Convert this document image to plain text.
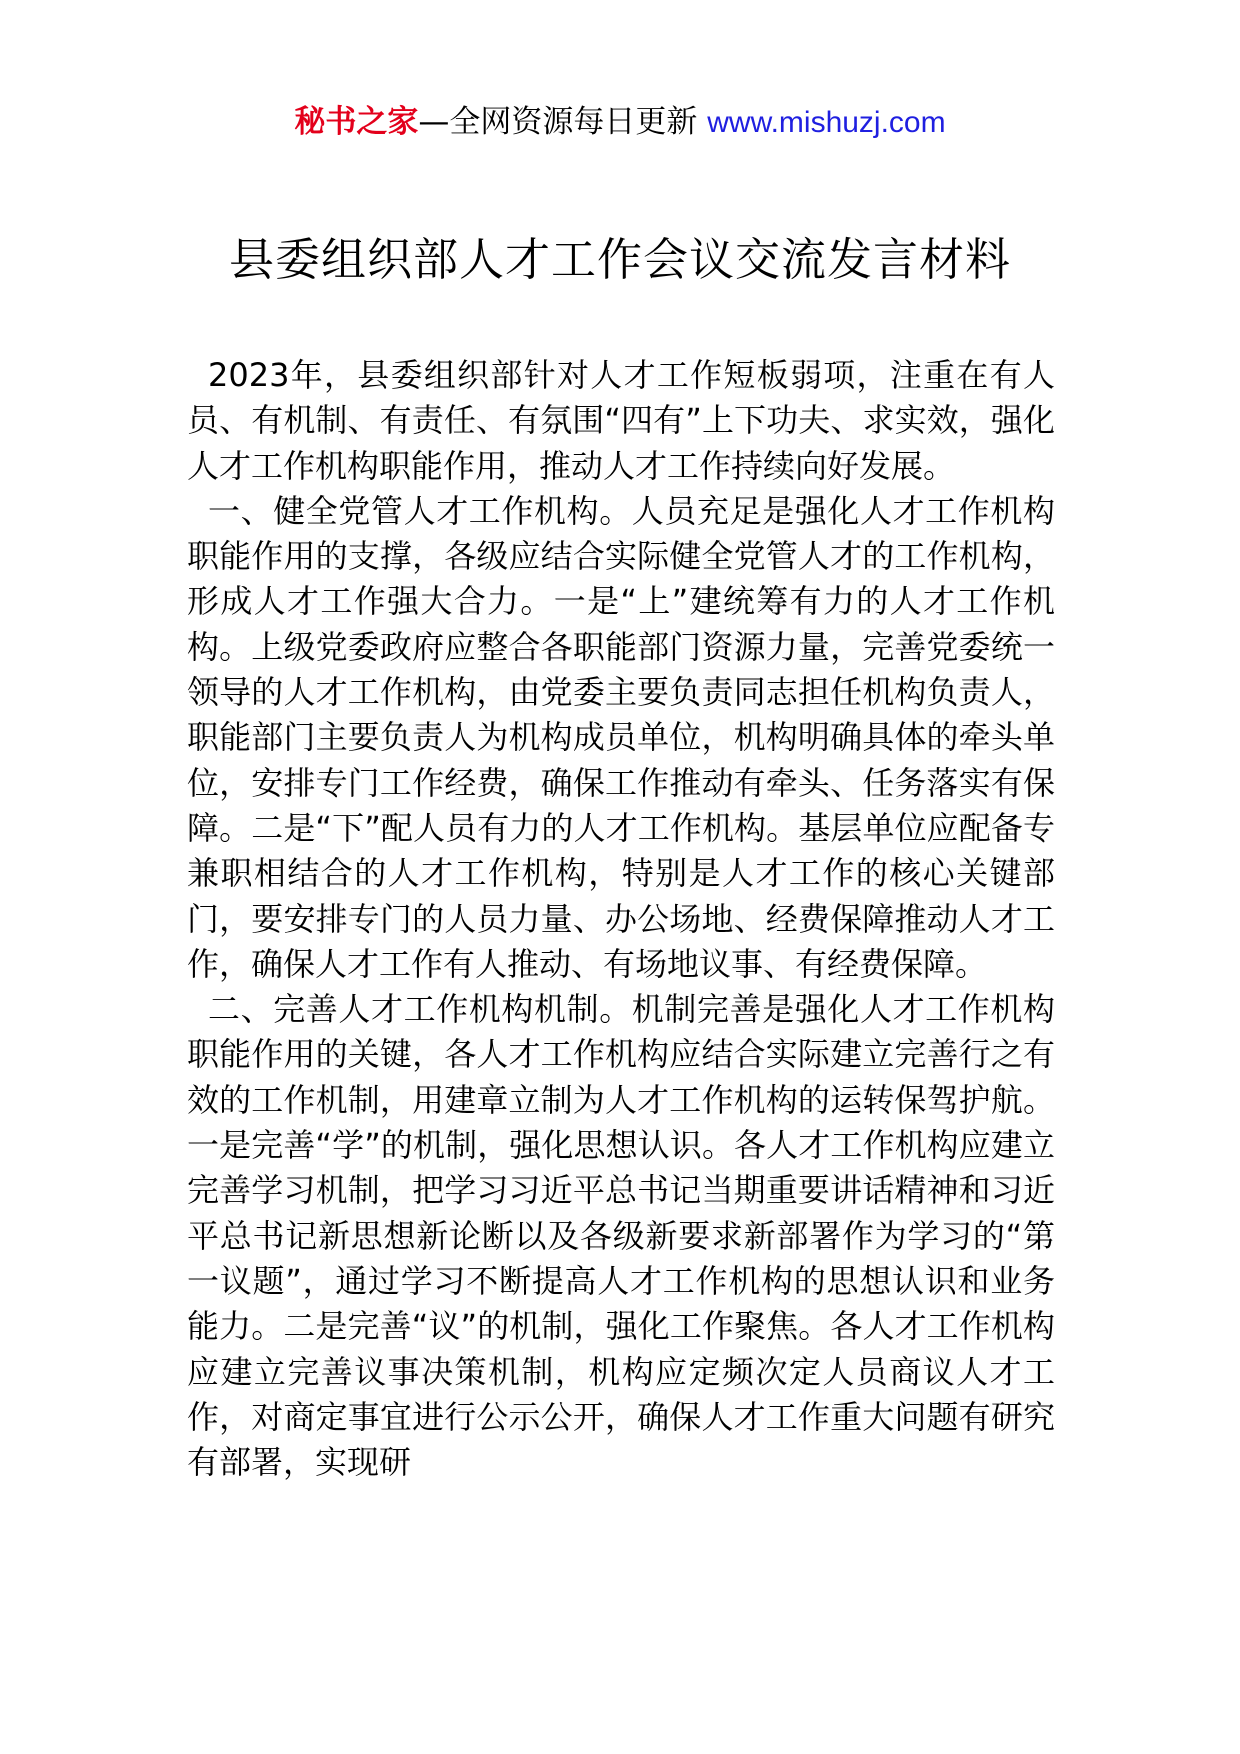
秘书之家—全网资源每日更新 www.mishuzj.com
县委组织部人才工作会议交流发言材料

2023年，县委组织部针对人才工作短板弱项，注重在有人员、有机制、有责任、有氛围“四有”上下功夫、求实效，强化人才工作机构职能作用，推动人才工作持续向好发展。

一、健全党管人才工作机构。人员充足是强化人才工作机构职能作用的支撑，各级应结合实际健全党管人才的工作机构，形成人才工作强大合力。一是“上”建统筹有力的人才工作机构。上级党委政府应整合各职能部门资源力量，完善党委统一领导的人才工作机构，由党委主要负责同志担任机构负责人，职能部门主要负责人为机构成员单位，机构明确具体的牵头单位，安排专门工作经费，确保工作推动有牵头、任务落实有保障。二是“下”配人员有力的人才工作机构。基层单位应配备专兼职相结合的人才工作机构，特别是人才工作的核心关键部门，要安排专门的人员力量、办公场地、经费保障推动人才工作，确保人才工作有人推动、有场地议事、有经费保障。

二、完善人才工作机构机制。机制完善是强化人才工作机构职能作用的关键，各人才工作机构应结合实际建立完善行之有效的工作机制，用建章立制为人才工作机构的运转保驾护航。一是完善“学”的机制，强化思想认识。各人才工作机构应建立完善学习机制，把学习习近平总书记当期重要讲话精神和习近平总书记新思想新论断以及各级新要求新部署作为学习的“第一议题”，通过学习不断提高人才工作机构的思想认识和业务能力。二是完善“议”的机制，强化工作聚焦。各人才工作机构应建立完善议事决策机制，机构应定频次定人员商议人才工作，对商定事宜进行公示公开，确保人才工作重大问题有研究有部署，实现研
